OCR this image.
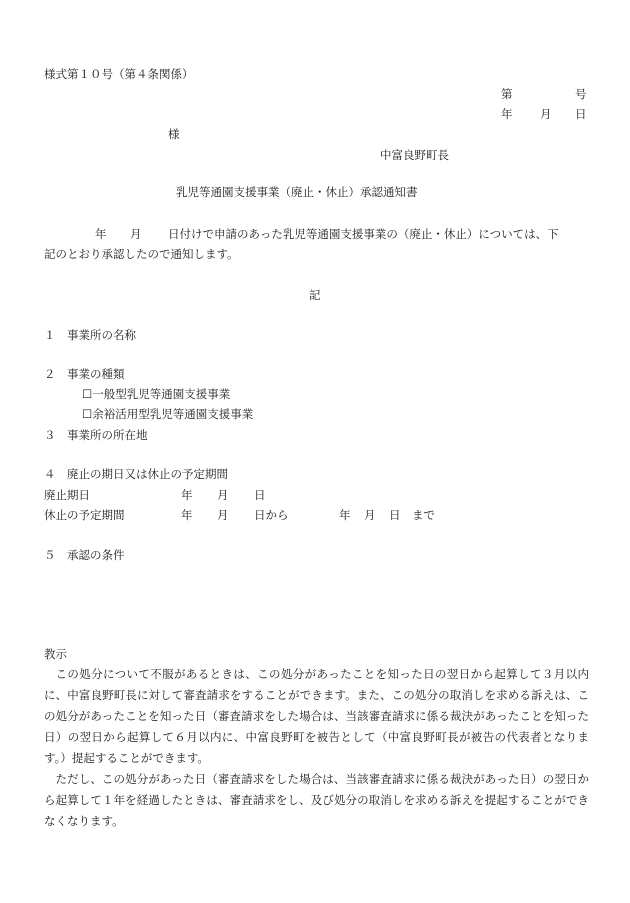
様式第１０号（第４条関係）
第	号
年 月 日
様
中富良野町長
乳児等通園支援事業（廃止・休止）承認通知書
年 月 日付けで申請のあった乳児等通園支援事業の（廃止・休止）については、下
記のとおり承認したので通知します。
記
１　事業所の名称
２　事業の種類
☐一般型乳児等通園支援事業
☐余裕活用型乳児等通園支援事業
３　事業所の所在地
４　廃止の期日又は休止の予定期間
廃止期日	年 月 日
休止の予定期間	年 月 日から	年 月 日　まで
５　承認の条件
教示
この処分について不服があるときは、この処分があったことを知った日の翌日から起算して３月以内に、中富良野町長に対して審査請求をすることができます。また、この処分の取消しを求める訴えは、この処分があったことを知った日（審査請求をした場合は、当該審査請求に係る裁決があったことを知った日）の翌日から起算して６月以内に、中富良野町を被告として（中富良野町長が被告の代表者となります。）提起することができます。
ただし、この処分があった日（審査請求をした場合は、当該審査請求に係る裁決があった日）の翌日から起算して１年を経過したときは、審査請求をし、及び処分の取消しを求める訴えを提起することができなくなります。
